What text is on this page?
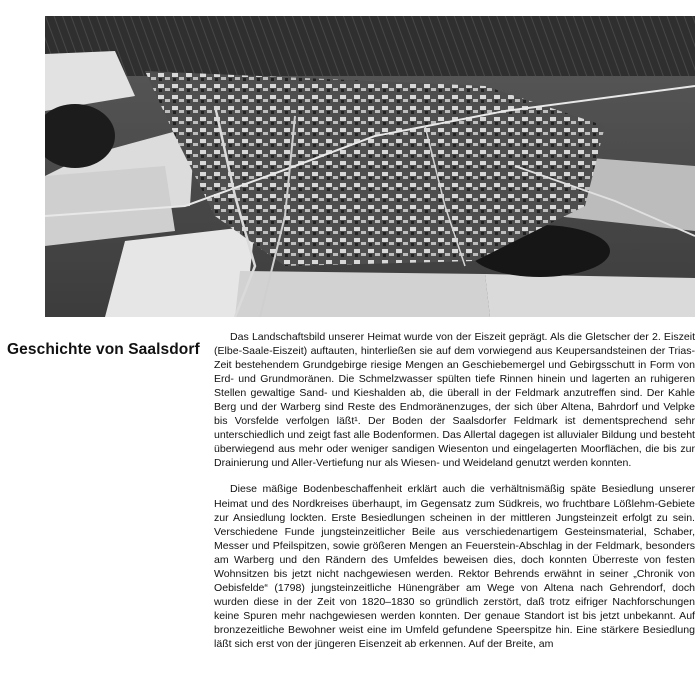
Geschichte von Saalsdorf

Das Landschaftsbild unserer Heimat wurde von der Eiszeit geprägt. Als die Gletscher der 2. Eiszeit (Elbe-Saale-Eiszeit) auftauten, hinterließen sie auf dem vorwiegend aus Keupersandsteinen der Trias-Zeit bestehendem Grundgebirge riesige Mengen an Geschiebemergel und Gebirgsschutt in Form von Erd- und Grundmoränen. Die Schmelzwasser spülten tiefe Rinnen hinein und lagerten an ruhigeren Stellen gewaltige Sand- und Kieshalden ab, die überall in der Feldmark anzutreffen sind. Der Kahle Berg und der Warberg sind Reste des Endmoränenzuges, der sich über Altena, Bahrdorf und Velpke bis Vorsfelde verfolgen läßt¹. Der Boden der Saalsdorfer Feldmark ist dementsprechend sehr unterschiedlich und zeigt fast alle Bodenformen. Das Allertal dagegen ist alluvialer Bildung und besteht überwiegend aus mehr oder weniger sandigen Wiesenton und eingelagerten Moorflächen, die bis zur Drainierung und Aller-Vertiefung nur als Wiesen- und Weideland genutzt werden konnten.

Diese mäßige Bodenbeschaffenheit erklärt auch die verhältnismäßig späte Besiedlung unserer Heimat und des Nordkreises überhaupt, im Gegensatz zum Südkreis, wo fruchtbare Lößlehm-Gebiete zur Ansiedlung lockten. Erste Besiedlungen scheinen in der mittleren Jungsteinzeit erfolgt zu sein. Verschiedene Funde jungsteinzeitlicher Beile aus verschiedenartigem Gesteinsmaterial, Schaber, Messer und Pfeilspitzen, sowie größeren Mengen an Feuerstein-Abschlag in der Feldmark, besonders am Warberg und den Rändern des Umfeldes beweisen dies, doch konnten Überreste von festen Wohnsitzen bis jetzt nicht nachgewiesen werden. Rektor Behrends erwähnt in seiner „Chronik von Oebisfelde“ (1798) jungsteinzeitliche Hünengräber am Wege von Altena nach Gehrendorf, doch wurden diese in der Zeit von 1820–1830 so gründlich zerstört, daß trotz eifriger Nachforschungen keine Spuren mehr nachgewiesen werden konnten. Der genaue Standort ist bis jetzt unbekannt. Auf bronzezeitliche Bewohner weist eine im Umfeld gefundene Speerspitze hin. Eine stärkere Besiedlung läßt sich erst von der jüngeren Eisenzeit ab erkennen. Auf der Breite, am
